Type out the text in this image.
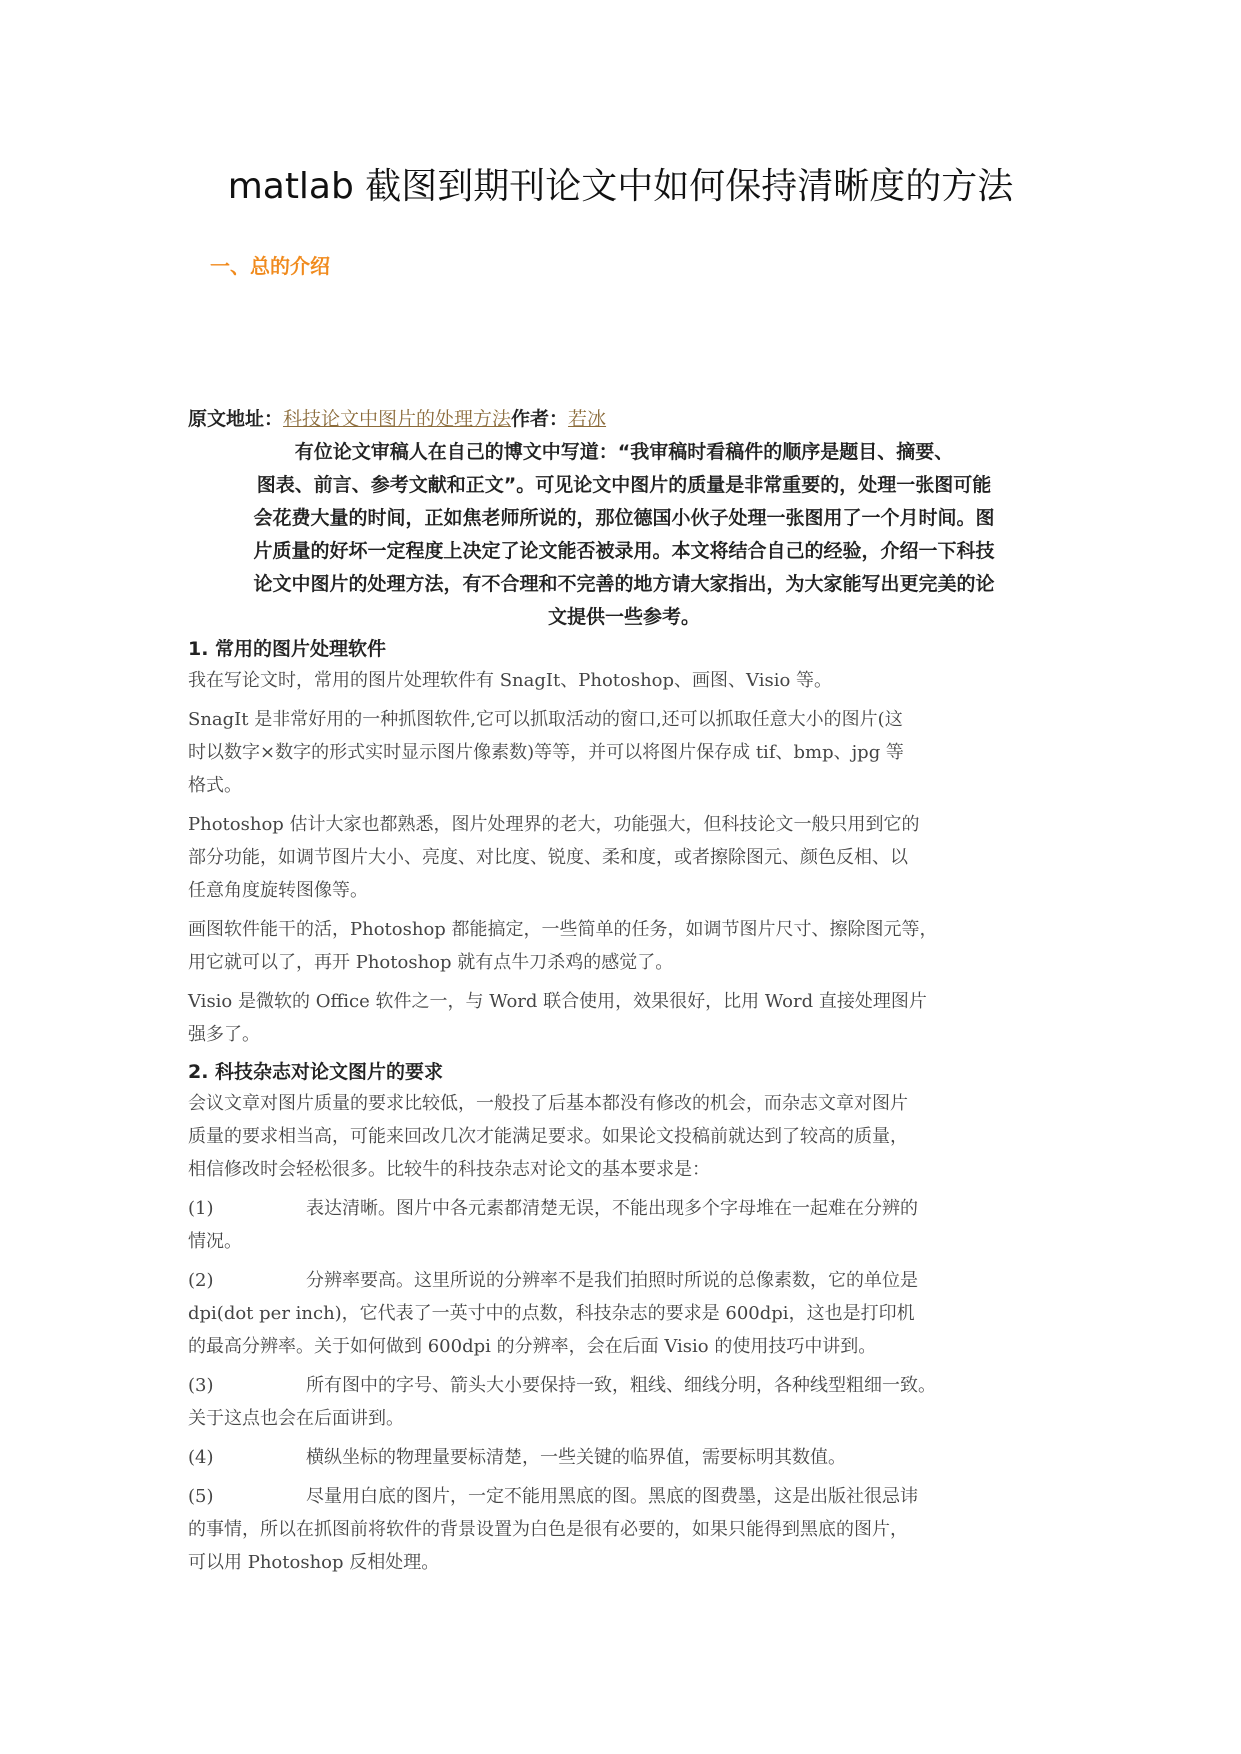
matlab 截图到期刊论文中如何保持清晰度的方法
一、总的介绍
原文地址：科技论文中图片的处理方法作者：若冰
有位论文审稿人在自己的博文中写道：“我审稿时看稿件的顺序是题目、摘要、
图表、前言、参考文献和正文”。可见论文中图片的质量是非常重要的，处理一张图可能
会花费大量的时间，正如焦老师所说的，那位德国小伙子处理一张图用了一个月时间。图
片质量的好坏一定程度上决定了论文能否被录用。本文将结合自己的经验，介绍一下科技
论文中图片的处理方法，有不合理和不完善的地方请大家指出，为大家能写出更完美的论
文提供一些参考。
1. 常用的图片处理软件
我在写论文时，常用的图片处理软件有 SnagIt、Photoshop、画图、Visio 等。
SnagIt 是非常好用的一种抓图软件,它可以抓取活动的窗口,还可以抓取任意大小的图片(这
时以数字×数字的形式实时显示图片像素数)等等，并可以将图片保存成 tif、bmp、jpg 等
格式。
Photoshop 估计大家也都熟悉，图片处理界的老大，功能强大，但科技论文一般只用到它的
部分功能，如调节图片大小、亮度、对比度、锐度、柔和度，或者擦除图元、颜色反相、以
任意角度旋转图像等。
画图软件能干的活，Photoshop 都能搞定，一些简单的任务，如调节图片尺寸、擦除图元等，
用它就可以了，再开 Photoshop 就有点牛刀杀鸡的感觉了。
Visio 是微软的 Office 软件之一，与 Word 联合使用，效果很好，比用 Word 直接处理图片
强多了。
2. 科技杂志对论文图片的要求
会议文章对图片质量的要求比较低，一般投了后基本都没有修改的机会，而杂志文章对图片
质量的要求相当高，可能来回改几次才能满足要求。如果论文投稿前就达到了较高的质量，
相信修改时会轻松很多。比较牛的科技杂志对论文的基本要求是：
(1)	表达清晰。图片中各元素都清楚无误，不能出现多个字母堆在一起难在分辨的
情况。
(2)	分辨率要高。这里所说的分辨率不是我们拍照时所说的总像素数，它的单位是
dpi(dot per inch)，它代表了一英寸中的点数，科技杂志的要求是 600dpi，这也是打印机
的最高分辨率。关于如何做到 600dpi 的分辨率，会在后面 Visio 的使用技巧中讲到。
(3)	所有图中的字号、箭头大小要保持一致，粗线、细线分明，各种线型粗细一致。
关于这点也会在后面讲到。
(4)	横纵坐标的物理量要标清楚，一些关键的临界值，需要标明其数值。
(5)	尽量用白底的图片，一定不能用黑底的图。黑底的图费墨，这是出版社很忌讳
的事情，所以在抓图前将软件的背景设置为白色是很有必要的，如果只能得到黑底的图片，
可以用 Photoshop 反相处理。
